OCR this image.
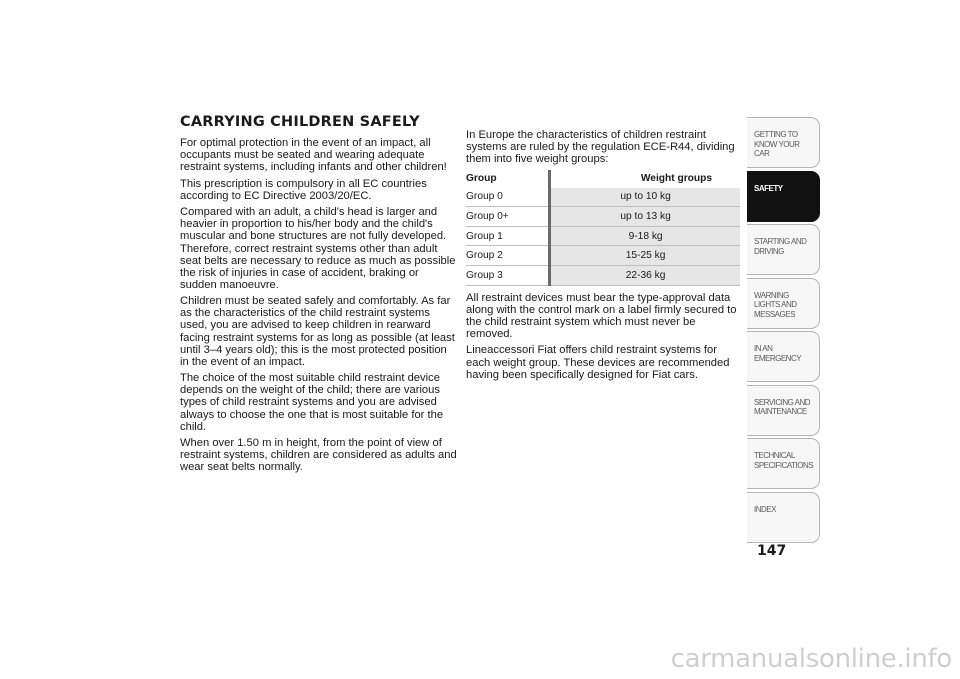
CARRYING CHILDREN SAFELY

For optimal protection in the event of an impact, all occupants must be seated and wearing adequate restraint systems, including infants and other children!

This prescription is compulsory in all EC countries according to EC Directive 2003/20/EC.

Compared with an adult, a child's head is larger and heavier in proportion to his/her body and the child's muscular and bone structures are not fully developed. Therefore, correct restraint systems other than adult seat belts are necessary to reduce as much as possible the risk of injuries in case of accident, braking or sudden manoeuvre.

Children must be seated safely and comfortably. As far as the characteristics of the child restraint systems used, you are advised to keep children in rearward facing restraint systems for as long as possible (at least until 3–4 years old); this is the most protected position in the event of an impact.

The choice of the most suitable child restraint device depends on the weight of the child; there are various types of child restraint systems and you are advised always to choose the one that is most suitable for the child.

When over 1.50 m in height, from the point of view of restraint systems, children are considered as adults and wear seat belts normally.

In Europe the characteristics of children restraint systems are ruled by the regulation ECE-R44, dividing them into five weight groups:

Group	Weight groups
Group 0	up to 10 kg
Group 0+	up to 13 kg
Group 1	9-18 kg
Group 2	15-25 kg
Group 3	22-36 kg

All restraint devices must bear the type-approval data along with the control mark on a label firmly secured to the child restraint system which must never be removed.

Lineaccessori Fiat offers child restraint systems for each weight group. These devices are recommended having been specifically designed for Fiat cars.

GETTING TO KNOW YOUR CAR
SAFETY
STARTING AND DRIVING
WARNING LIGHTS AND MESSAGES
IN AN EMERGENCY
SERVICING AND MAINTENANCE
TECHNICAL SPECIFICATIONS
INDEX
147
carmanualsonline.info
